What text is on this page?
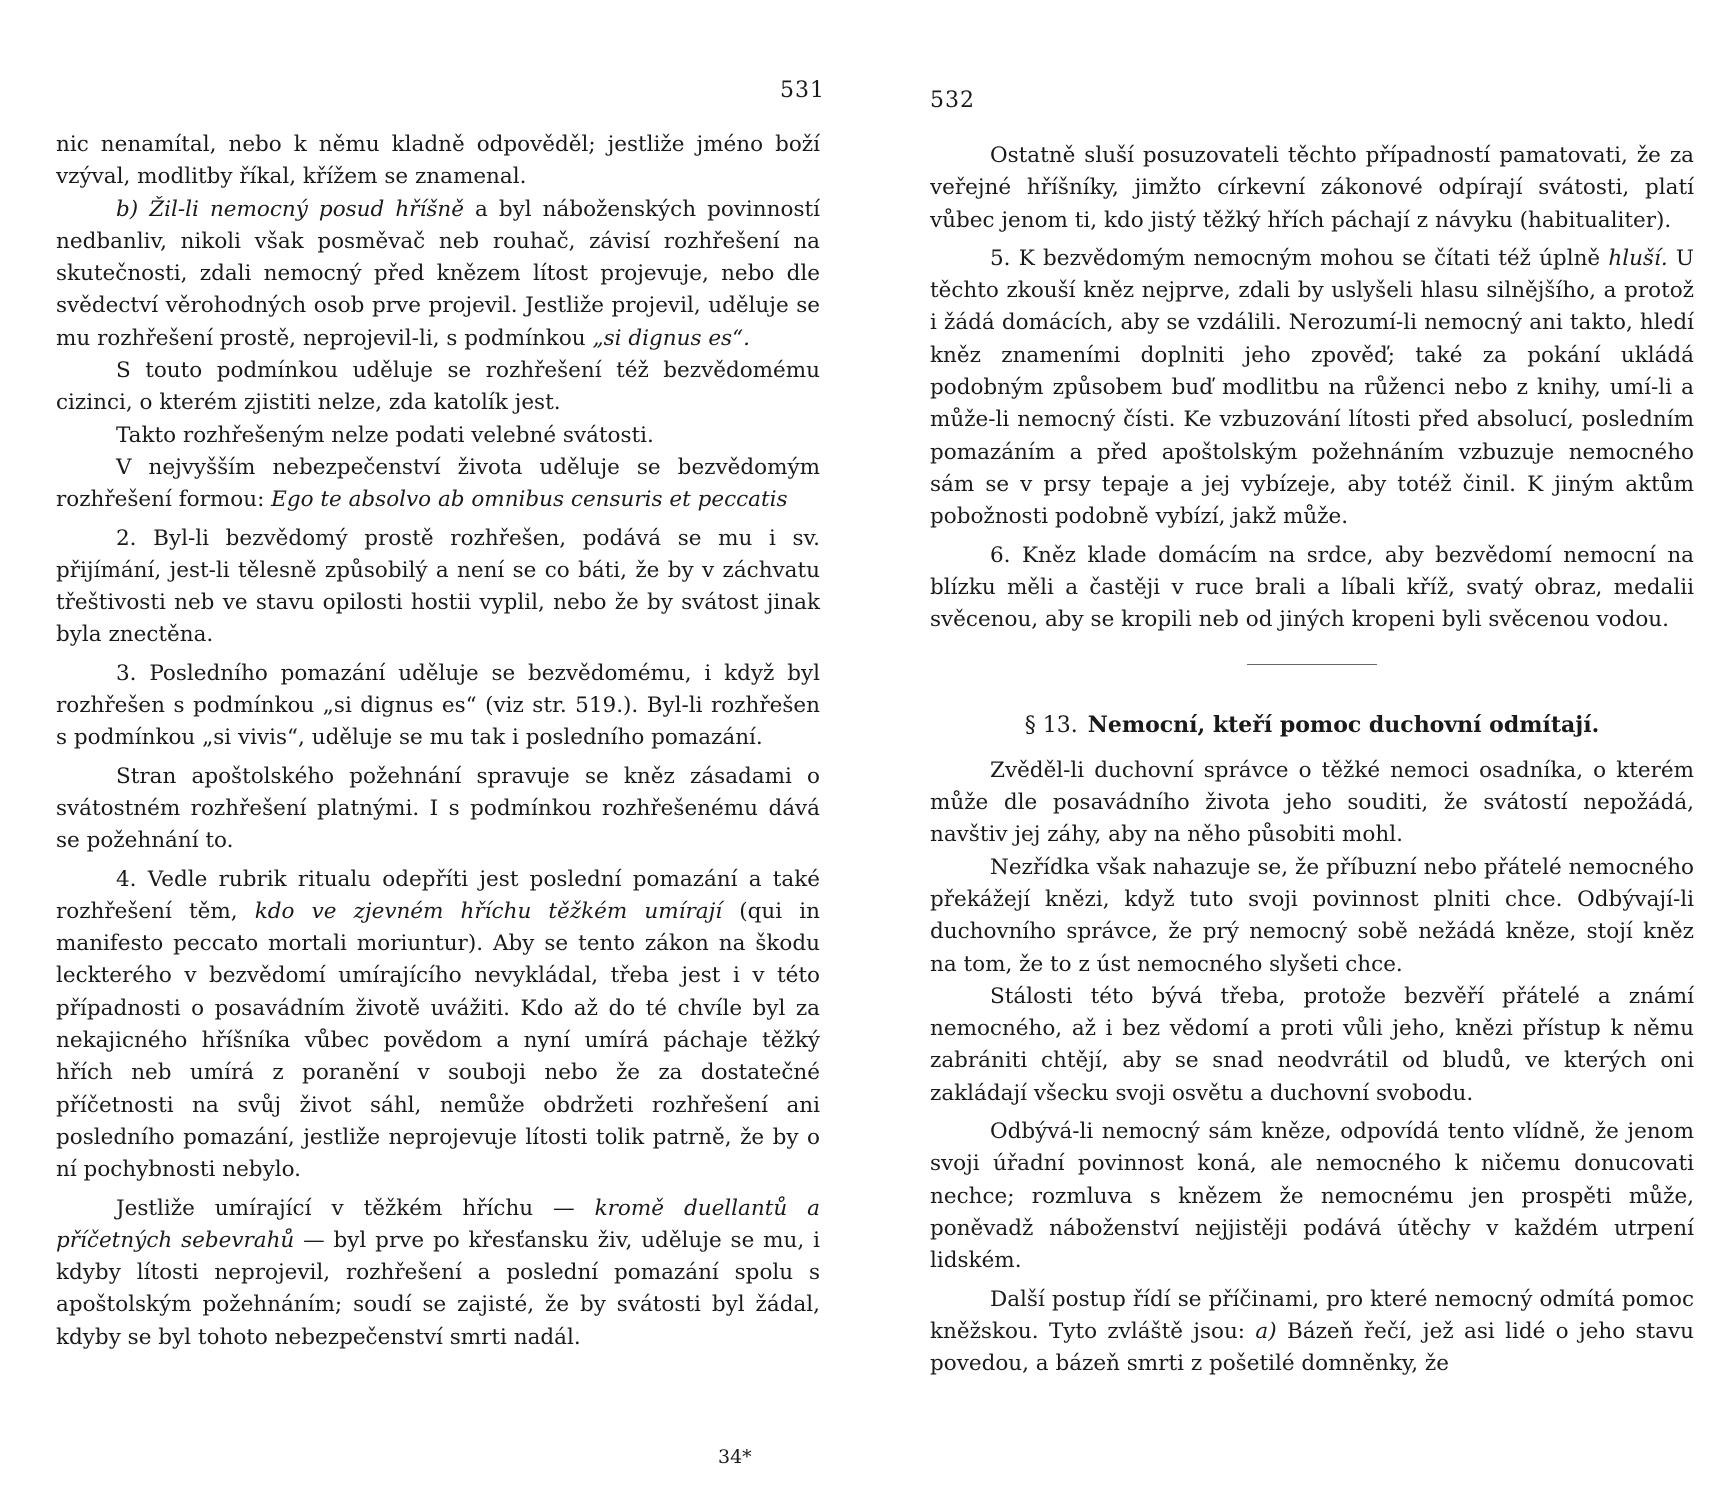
531

nic nenamítal, nebo k němu kladně odpověděl; jestliže jméno boží vzýval, modlitby říkal, křížem se znamenal.

b) Žil-li nemocný posud hříšně a byl náboženských povinností nedbanliv, nikoli však posměvač neb rouhač, závisí rozhřešení na skutečnosti, zdali nemocný před knězem lítost projevuje, nebo dle svědectví věrohodných osob prve projevil. Jestliže projevil, uděluje se mu rozhřešení prostě, neprojevil-li, s podmínkou „si dignus es“.

S touto podmínkou uděluje se rozhřešení též bezvědomému cizinci, o kterém zjistiti nelze, zda katolík jest.

Takto rozhřešeným nelze podati velebné svátosti.

V nejvyšším nebezpečenství života uděluje se bezvědomým rozhřešení formou: Ego te absolvo ab omnibus censuris et peccatis

2. Byl-li bezvědomý prostě rozhřešen, podává se mu i sv. přijímání, jest-li tělesně způsobilý a není se co báti, že by v záchvatu třeštivosti neb ve stavu opilosti hostii vyplil, nebo že by svátost jinak byla znectěna.

3. Posledního pomazání uděluje se bezvědomému, i když byl rozhřešen s podmínkou „si dignus es“ (viz str. 519.). Byl-li rozhřešen s podmínkou „si vivis“, uděluje se mu tak i posledního pomazání.

Stran apoštolského požehnání spravuje se kněz zásadami o svátostném rozhřešení platnými. I s podmínkou rozhřešenému dává se požehnání to.

4. Vedle rubrik ritualu odepříti jest poslední pomazání a také rozhřešení těm, kdo ve zjevném hříchu těžkém umírají (qui in manifesto peccato mortali moriuntur). Aby se tento zákon na škodu leckterého v bezvědomí umírajícího nevykládal, třeba jest i v této případnosti o posavádním životě uvážiti. Kdo až do té chvíle byl za nekajicného hříšníka vůbec povědom a nyní umírá páchaje těžký hřích neb umírá z poranění v souboji nebo že za dostatečné příčetnosti na svůj život sáhl, nemůže obdržeti rozhřešení ani posledního pomazání, jestliže neprojevuje lítosti tolik patrně, že by o ní pochybnosti nebylo.

Jestliže umírající v těžkém hříchu — kromě duellantů a příčetných sebevrahů — byl prve po křesťansku živ, uděluje se mu, i kdyby lítosti neprojevil, rozhřešení a poslední pomazání spolu s apoštolským požehnáním; soudí se zajisté, že by svátosti byl žádal, kdyby se byl tohoto nebezpečenství smrti nadál.

34*
532

Ostatně sluší posuzovateli těchto případností pamatovati, že za veřejné hříšníky, jimžto církevní zákonové odpírají svátosti, platí vůbec jenom ti, kdo jistý těžký hřích páchají z návyku (habitualiter).

5. K bezvědomým nemocným mohou se čítati též úplně hluší. U těchto zkouší kněz nejprve, zdali by uslyšeli hlasu silnějšího, a protož i žádá domácích, aby se vzdálili. Nerozumí-li nemocný ani takto, hledí kněz znameními doplniti jeho zpověď; také za pokání ukládá podobným způsobem buď modlitbu na růženci nebo z knihy, umí-li a může-li nemocný čísti. Ke vzbuzování lítosti před absolucí, posledním pomazáním a před apoštolským požehnáním vzbuzuje nemocného sám se v prsy tepaje a jej vybízeje, aby totéž činil. K jiným aktům pobožnosti podobně vybízí, jakž může.

6. Kněz klade domácím na srdce, aby bezvědomí nemocní na blízku měli a častěji v ruce brali a líbali kříž, svatý obraz, medalii svěcenou, aby se kropili neb od jiných kropeni byli svěcenou vodou.

§ 13. Nemocní, kteří pomoc duchovní odmítají.

Zvěděl-li duchovní správce o těžké nemoci osadníka, o kterém může dle posavádního života jeho souditi, že svátostí nepožádá, navštiv jej záhy, aby na něho působiti mohl.

Nezřídka však nahazuje se, že příbuzní nebo přátelé nemocného překážejí knězi, když tuto svoji povinnost plniti chce. Odbývají-li duchovního správce, že prý nemocný sobě nežádá kněze, stojí kněz na tom, že to z úst nemocného slyšeti chce.

Stálosti této bývá třeba, protože bezvěří přátelé a známí nemocného, až i bez vědomí a proti vůli jeho, knězi přístup k němu zabrániti chtějí, aby se snad neodvrátil od bludů, ve kterých oni zakládají všecku svoji osvětu a duchovní svobodu.

Odbývá-li nemocný sám kněze, odpovídá tento vlídně, že jenom svoji úřadní povinnost koná, ale nemocného k ničemu donucovati nechce; rozmluva s knězem že nemocnému jen prospěti může, poněvadž náboženství nejjistěji podává útěchy v každém utrpení lidském.

Další postup řídí se příčinami, pro které nemocný odmítá pomoc kněžskou. Tyto zvláště jsou: a) Bázeň řečí, jež asi lidé o jeho stavu povedou, a bázeň smrti z pošetilé domněnky, že
